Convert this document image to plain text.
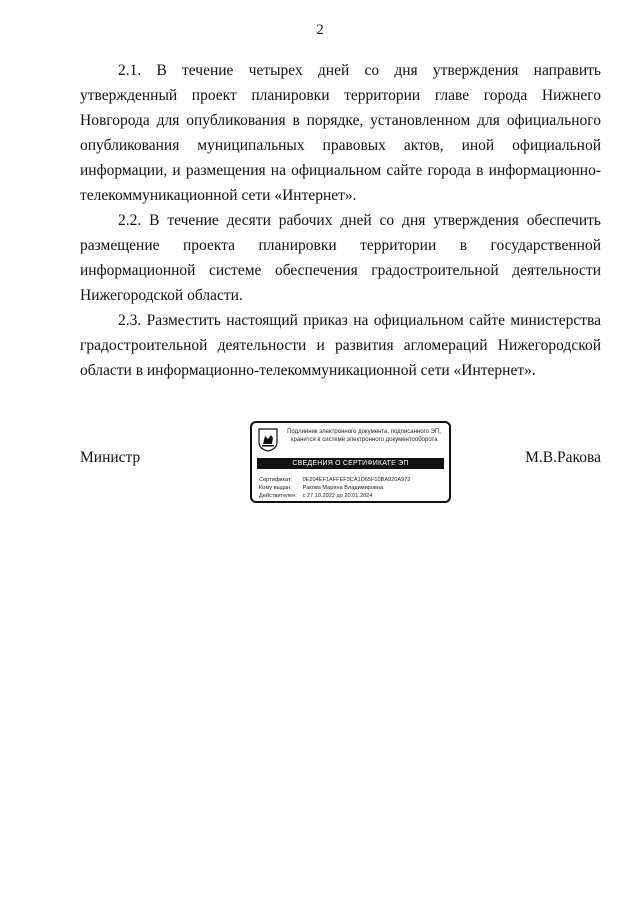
2

2.1. В течение четырех дней со дня утверждения направить утвержденный проект планировки территории главе города Нижнего Новгорода для опубликования в порядке, установленном для официального опубликования муниципальных правовых актов, иной официальной информации, и размещения на официальном сайте города в информационно-телекоммуникационной сети «Интернет».

2.2. В течение десяти рабочих дней со дня утверждения обеспечить размещение проекта планировки территории в государственной информационной системе обеспечения градостроительной деятельности Нижегородской области.

2.3. Разместить настоящий приказ на официальном сайте министерства градостроительной деятельности и развития агломераций Нижегородской области в информационно-телекоммуникационной сети «Интернет».

Министр	М.В.Ракова
Подлинник электронного документа, подписанного ЭП,
хранится в системе электронного документооборота
СВЕДЕНИЯ О СЕРТИФИКАТЕ ЭП
Сертификат: 0E204EF1AFFEF3CA1D65F10BA920A972
Кому выдан: Ракова Марина Владимировна
Действителен: с 27.10.2022 до 20.01.2024
